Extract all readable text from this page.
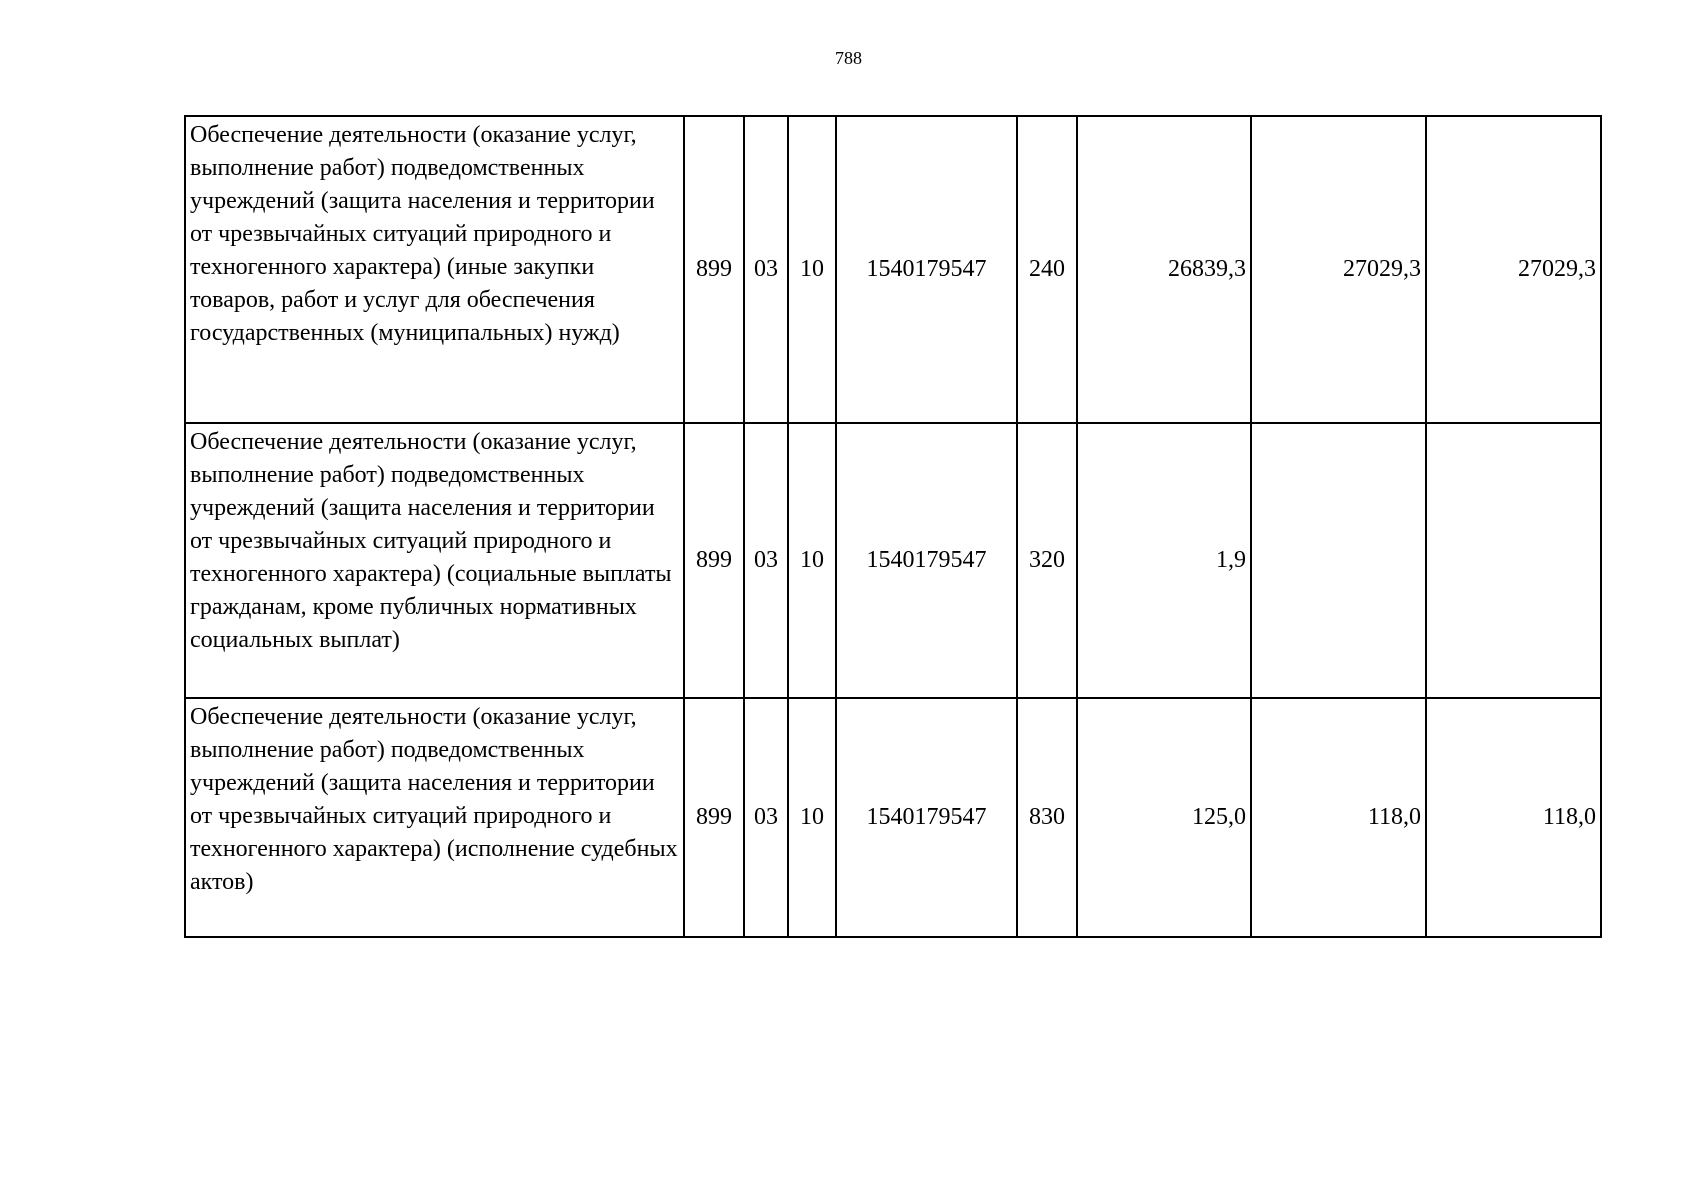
788
Обеспечение деятельности (оказание услуг, выполнение работ) подведомственных учреждений (защита населения и территории от чрезвычайных ситуаций природного и техногенного характера) (иные закупки товаров, работ и услуг для обеспечения государственных (муниципальных) нужд)	899	03	10	1540179547	240	26839,3	27029,3	27029,3
Обеспечение деятельности (оказание услуг, выполнение работ) подведомственных учреждений (защита населения и территории от чрезвычайных ситуаций природного и техногенного характера) (социальные выплаты гражданам, кроме публичных нормативных социальных выплат)	899	03	10	1540179547	320	1,9		
Обеспечение деятельности (оказание услуг, выполнение работ) подведомственных учреждений (защита населения и территории от чрезвычайных ситуаций природного и техногенного характера) (исполнение судебных актов)	899	03	10	1540179547	830	125,0	118,0	118,0
